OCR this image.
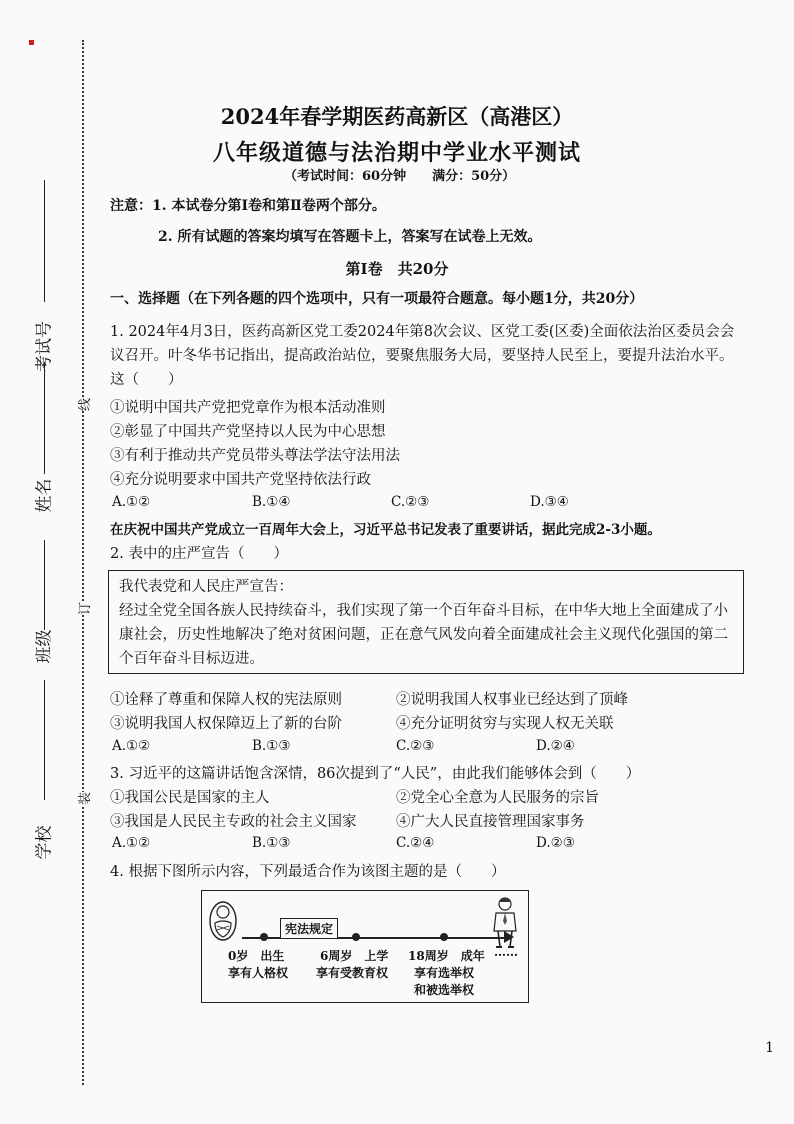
线
订
装
考试号
姓名
班级
学校
2024年春学期医药高新区（高港区）
八年级道德与法治期中学业水平测试
（考试时间：60分钟　　满分：50分）
注意：1. 本试卷分第Ⅰ卷和第Ⅱ卷两个部分。
2. 所有试题的答案均填写在答题卡上，答案写在试卷上无效。
第Ⅰ卷　共20分
一、选择题（在下列各题的四个选项中，只有一项最符合题意。每小题1分，共20分）
1. 2024年4月3日，医药高新区党工委2024年第8次会议、区党工委(区委)全面依法治区委员会会议召开。叶冬华书记指出，提高政治站位，要聚焦服务大局，要坚持人民至上，要提升法治水平。这（　　）
①说明中国共产党把党章作为根本活动准则
②彰显了中国共产党坚持以人民为中心思想
③有利于推动共产党员带头尊法学法守法用法
④充分说明要求中国共产党坚持依法行政
A.①②	B.①④	C.②③	D.③④
在庆祝中国共产党成立一百周年大会上，习近平总书记发表了重要讲话，据此完成2-3小题。
2. 表中的庄严宣告（　　）
我代表党和人民庄严宣告：
经过全党全国各族人民持续奋斗，我们实现了第一个百年奋斗目标，在中华大地上全面建成了小康社会，历史性地解决了绝对贫困问题，正在意气风发向着全面建成社会主义现代化强国的第二个百年奋斗目标迈进。
①诠释了尊重和保障人权的宪法原则	②说明我国人权事业已经达到了顶峰
③说明我国人权保障迈上了新的台阶	④充分证明贫穷与实现人权无关联
A.①②	B.①③	C.②③	D.②④
3. 习近平的这篇讲话饱含深情，86次提到了“人民”，由此我们能够体会到（　　）
①我国公民是国家的主人	②党全心全意为人民服务的宗旨
③我国是人民民主专政的社会主义国家	④广大人民直接管理国家事务
A.①②	B.①③	C.②④	D.②③
4. 根据下图所示内容，下列最适合作为该图主题的是（　　）
宪法规定
0岁　出生
享有人格权
6周岁　上学
享有受教育权
18周岁　成年
享有选举权
和被选举权
……
1
